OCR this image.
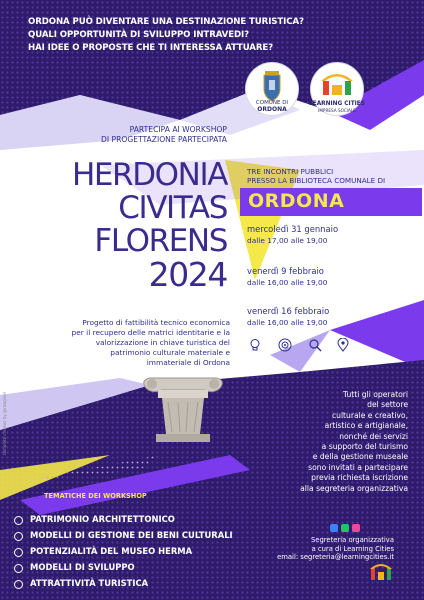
ORDONA PUÒ DIVENTARE UNA DESTINAZIONE TURISTICA?
QUALI OPPORTUNITÀ DI SVILUPPO INTRAVEDI?
HAI IDEE O PROPOSTE CHE TI INTERESSA ATTUARE?
COMUNE DI
ORDONA
LEARNING CITIES
IMPRESA SOCIALE
PARTECIPA AI WORKSHOP
DI PROGETTAZIONE PARTECIPATA
HERDONIA
CIVITAS
FLORENS
2024
TRE INCONTRI PUBBLICI
PRESSO LA BIBLIOTECA COMUNALE DI
ORDONA
mercoledì 31 gennaio
dalle 17,00 alle 19,00
venerdì 9 febbraio
dalle 16,00 alle 19,00
venerdì 16 febbraio
dalle 16,00 alle 19,00
Progetto di fattibilità tecnico economica
per il recupero delle matrici identitarie e la
valorizzazione in chiave turistica del
patrimonio culturale materiale e
immateriale di Ordona
Tutti gli operatori
del settore
culturale e creativo,
artistico e artigianale,
nonché dei servizi
a supporto del turismo
e della gestione museale
sono invitati a partecipare
previa richiesta iscrizione
alla segreteria organizzativa
TEMATICHE DEI WORKSHOP
PATRIMONIO ARCHITETTONICO
MODELLI DI GESTIONE DEI BENI CULTURALI
POTENZIALITÀ DEL MUSEO HERMA
MODELLI DI SVILUPPO
ATTRATTIVITÀ TURISTICA
Segreteria organizzativa
a cura di Learning Cities
email: segreteria@learningcities.it
template created by @rawpixel
